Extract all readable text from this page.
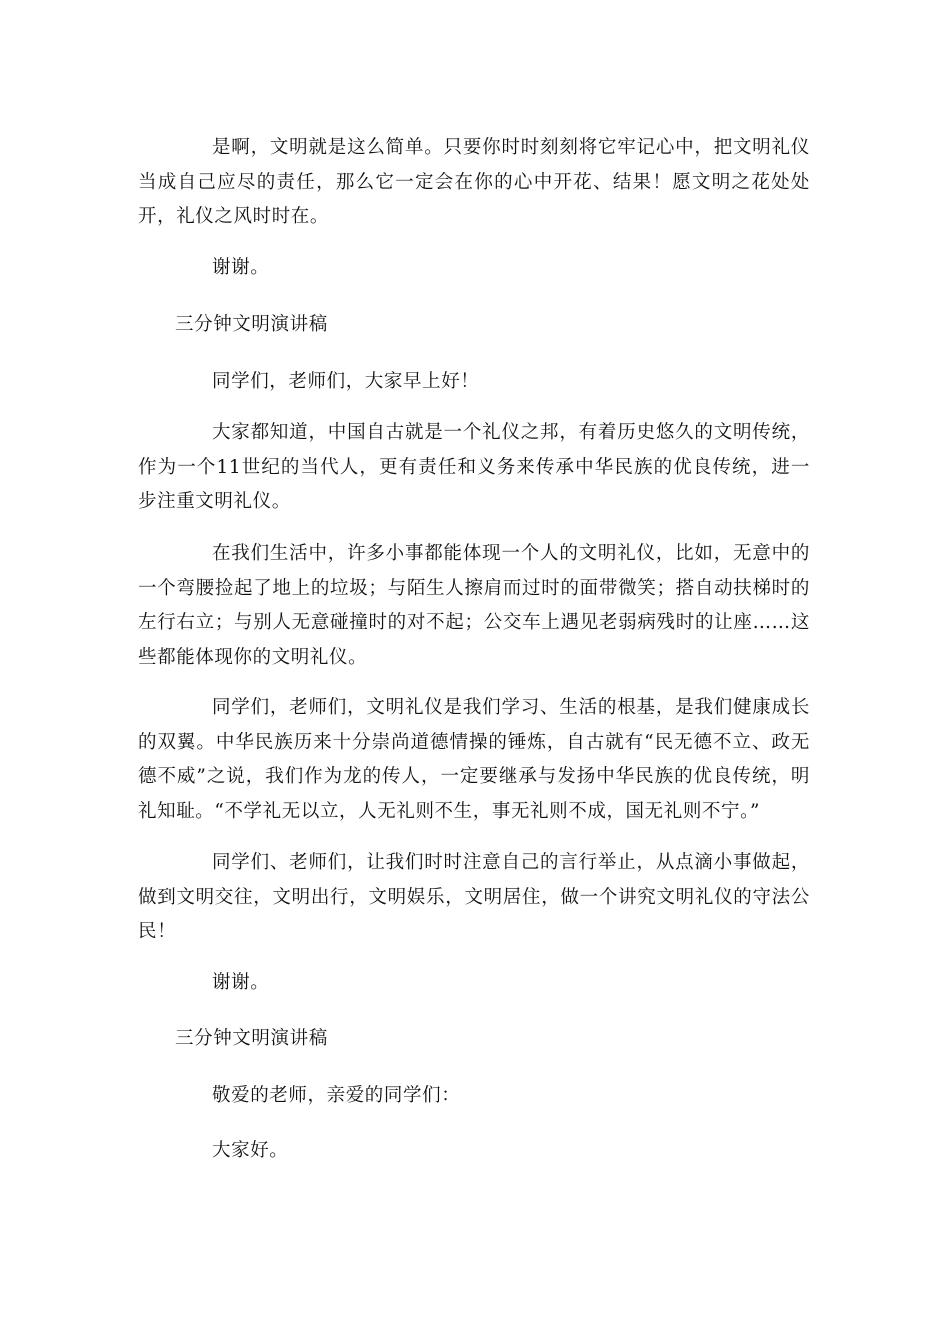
是啊，文明就是这么简单。只要你时时刻刻将它牢记心中，把文明礼仪当成自己应尽的责任，那么它一定会在你的心中开花、结果！愿文明之花处处开，礼仪之风时时在。

谢谢。

三分钟文明演讲稿

同学们，老师们，大家早上好！

大家都知道，中国自古就是一个礼仪之邦，有着历史悠久的文明传统，作为一个11世纪的当代人，更有责任和义务来传承中华民族的优良传统，进一步注重文明礼仪。

在我们生活中，许多小事都能体现一个人的文明礼仪，比如，无意中的一个弯腰捡起了地上的垃圾；与陌生人擦肩而过时的面带微笑；搭自动扶梯时的左行右立；与别人无意碰撞时的对不起；公交车上遇见老弱病残时的让座……这些都能体现你的文明礼仪。

同学们，老师们，文明礼仪是我们学习、生活的根基，是我们健康成长的双翼。中华民族历来十分崇尚道德情操的锤炼，自古就有“民无德不立、政无德不威”之说，我们作为龙的传人，一定要继承与发扬中华民族的优良传统，明礼知耻。“不学礼无以立，人无礼则不生，事无礼则不成，国无礼则不宁。”

同学们、老师们，让我们时时注意自己的言行举止，从点滴小事做起，做到文明交往，文明出行，文明娱乐，文明居住，做一个讲究文明礼仪的守法公民！

谢谢。

三分钟文明演讲稿

敬爱的老师，亲爱的同学们：

大家好。
